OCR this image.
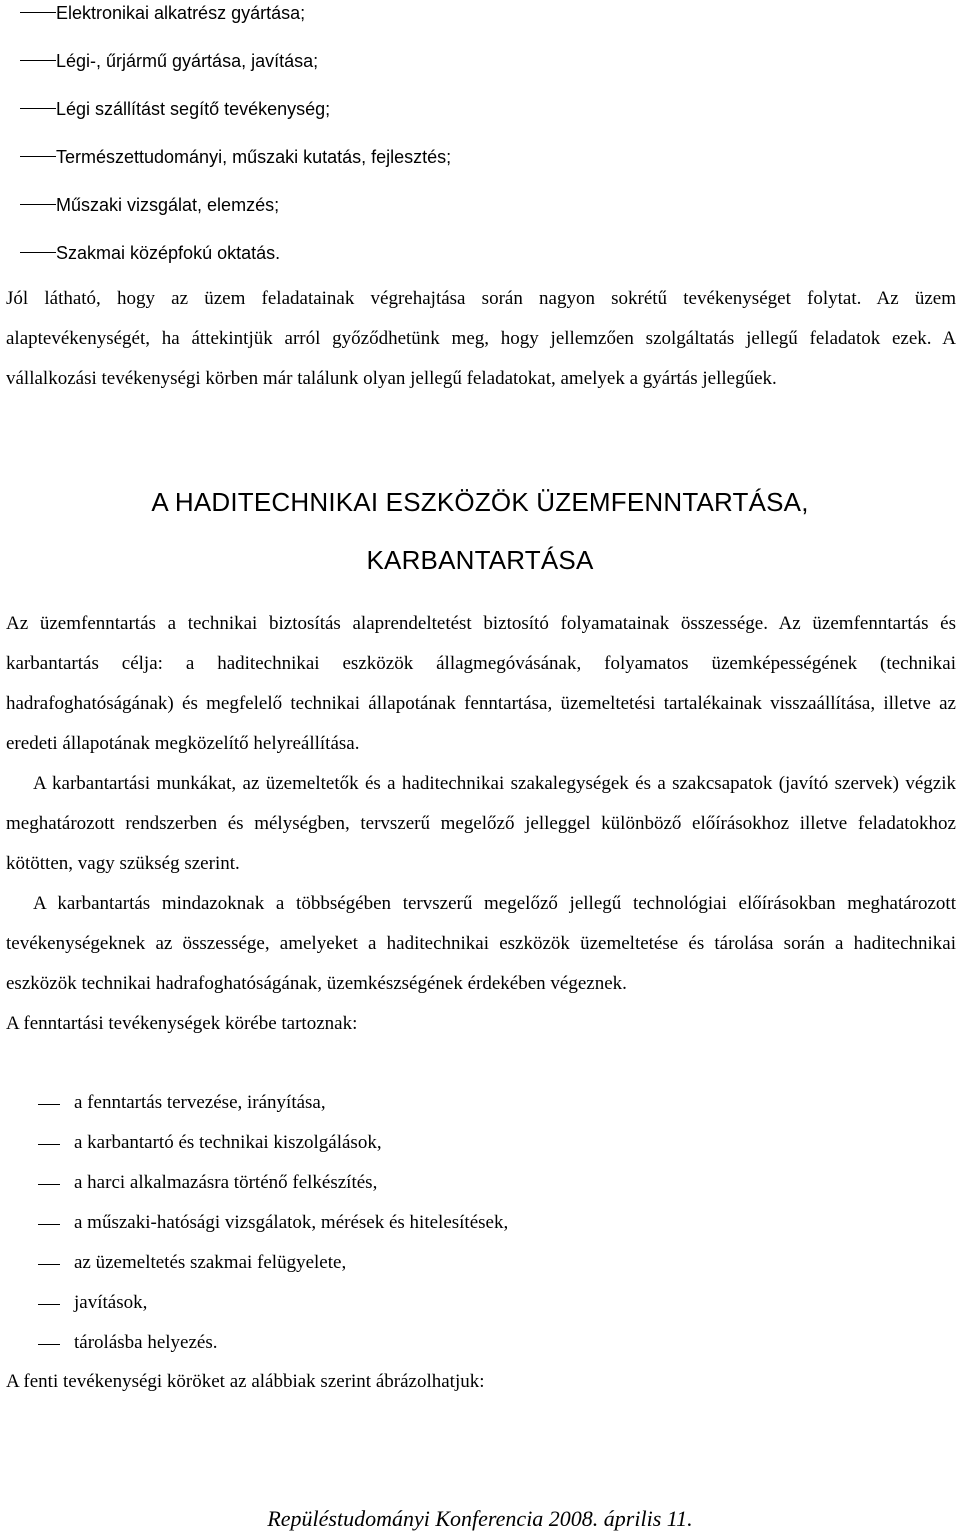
Elektronikai alkatrész gyártása;
Légi-, űrjármű gyártása, javítása;
Légi szállítást segítő tevékenység;
Természettudományi, műszaki kutatás, fejlesztés;
Műszaki vizsgálat, elemzés;
Szakmai középfokú oktatás.

Jól látható, hogy az üzem feladatainak végrehajtása során nagyon sokrétű tevékenységet folytat. Az üzem alaptevékenységét, ha áttekintjük arról győződhetünk meg, hogy jellemzően szolgáltatás jellegű feladatok ezek. A vállalkozási tevékenységi körben már találunk olyan jellegű feladatokat, amelyek a gyártás jellegűek.

A HADITECHNIKAI ESZKÖZÖK ÜZEMFENNTARTÁSA,
KARBANTARTÁSA

Az üzemfenntartás a technikai biztosítás alaprendeltetést biztosító folyamatainak összessége. Az üzemfenntartás és karbantartás célja: a haditechnikai eszközök állagmegóvásának, folyamatos üzemképességének (technikai hadrafoghatóságának) és megfelelő technikai állapotának fenntartása, üzemeltetési tartalékainak visszaállítása, illetve az eredeti állapotának megközelítő helyreállítása.

A karbantartási munkákat, az üzemeltetők és a haditechnikai szakalegységek és a szakcsapatok (javító szervek) végzik meghatározott rendszerben és mélységben, tervszerű megelőző jelleggel különböző előírásokhoz illetve feladatokhoz kötötten, vagy szükség szerint.

A karbantartás mindazoknak a többségében tervszerű megelőző jellegű technológiai előírásokban meghatározott tevékenységeknek az összessége, amelyeket a haditechnikai eszközök üzemeltetése és tárolása során a haditechnikai eszközök technikai hadrafoghatóságának, üzemkészségének érdekében végeznek.

A fenntartási tevékenységek körébe tartoznak:

a fenntartás tervezése, irányítása,
a karbantartó és technikai kiszolgálások,
a harci alkalmazásra történő felkészítés,
a műszaki-hatósági vizsgálatok, mérések és hitelesítések,
az üzemeltetés szakmai felügyelete,
javítások,
tárolásba helyezés.

A fenti tevékenységi köröket az alábbiak szerint ábrázolhatjuk:

Repüléstudományi Konferencia 2008. április 11.
